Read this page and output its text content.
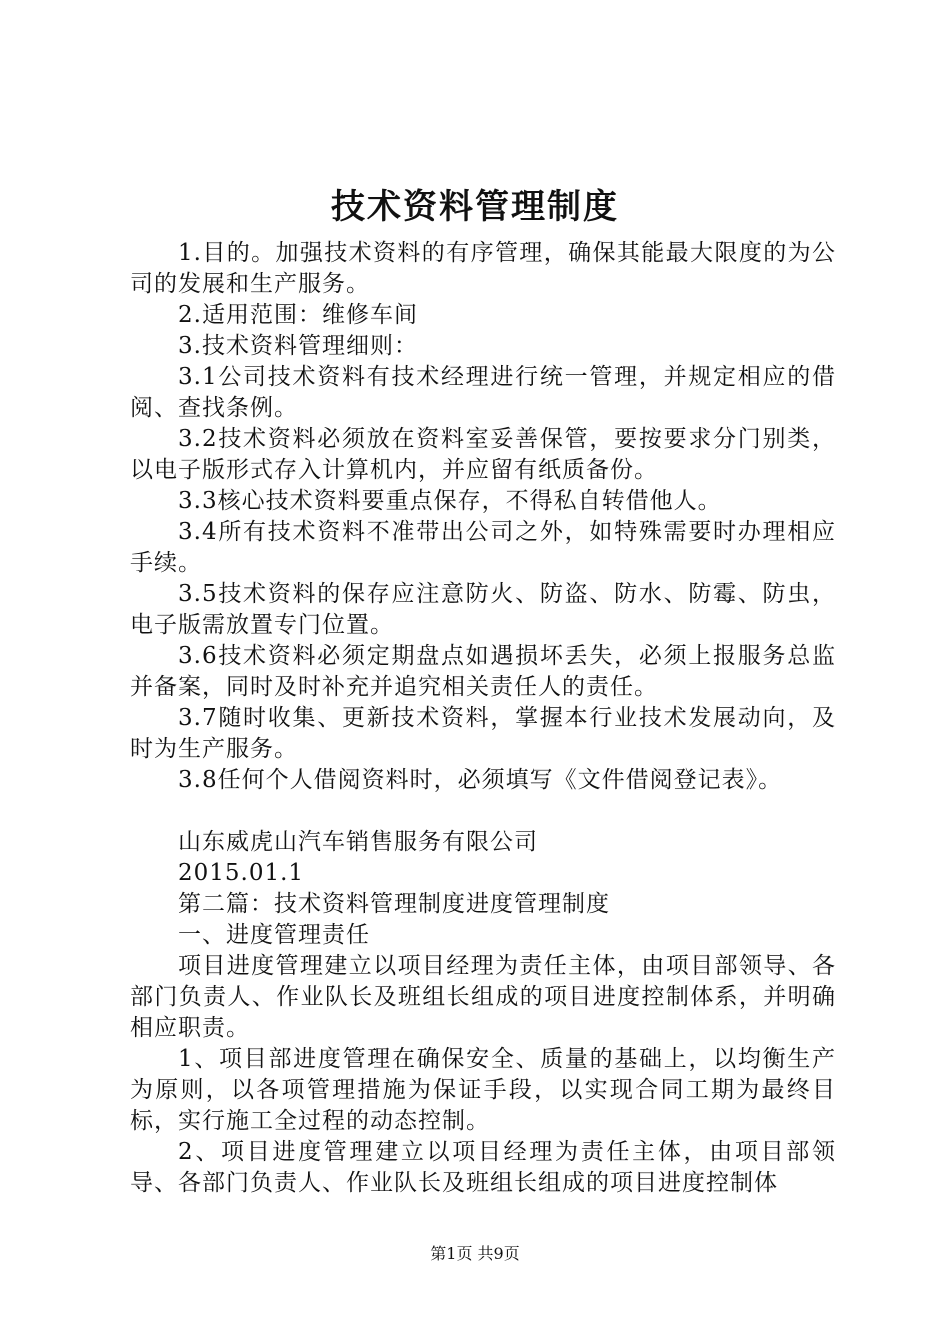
技术资料管理制度

1.目的。加强技术资料的有序管理，确保其能最大限度的为公司的发展和生产服务。

2.适用范围：维修车间

3.技术资料管理细则：

3.1公司技术资料有技术经理进行统一管理，并规定相应的借阅、查找条例。

3.2技术资料必须放在资料室妥善保管，要按要求分门别类，以电子版形式存入计算机内，并应留有纸质备份。

3.3核心技术资料要重点保存，不得私自转借他人。

3.4所有技术资料不准带出公司之外，如特殊需要时办理相应手续。

3.5技术资料的保存应注意防火、防盗、防水、防霉、防虫，电子版需放置专门位置。

3.6技术资料必须定期盘点如遇损坏丢失，必须上报服务总监并备案，同时及时补充并追究相关责任人的责任。

3.7随时收集、更新技术资料，掌握本行业技术发展动向，及时为生产服务。

3.8任何个人借阅资料时，必须填写《文件借阅登记表》。

山东威虎山汽车销售服务有限公司

2015.01.1

第二篇：技术资料管理制度进度管理制度

一、进度管理责任

项目进度管理建立以项目经理为责任主体，由项目部领导、各部门负责人、作业队长及班组长组成的项目进度控制体系，并明确相应职责。

1、项目部进度管理在确保安全、质量的基础上，以均衡生产为原则，以各项管理措施为保证手段，以实现合同工期为最终目标，实行施工全过程的动态控制。

2、项目进度管理建立以项目经理为责任主体，由项目部领导、各部门负责人、作业队长及班组长组成的项目进度控制体

第1页 共9页
